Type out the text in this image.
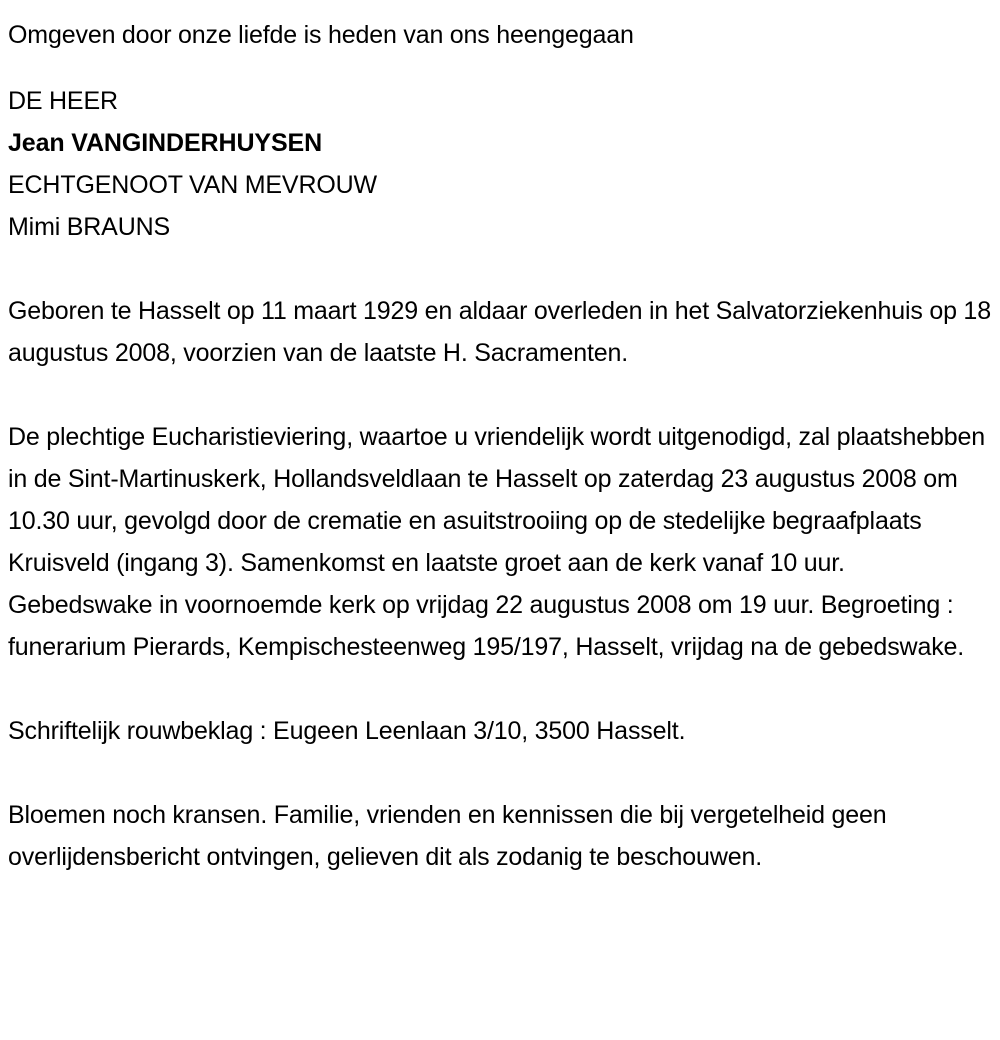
Omgeven door onze liefde is heden van ons heengegaan

DE HEER

Jean VANGINDERHUYSEN

ECHTGENOOT VAN MEVROUW

Mimi BRAUNS

Geboren te Hasselt op 11 maart 1929 en aldaar overleden in het Salvatorziekenhuis op 18 augustus 2008, voorzien van de laatste H. Sacramenten.

De plechtige Eucharistieviering, waartoe u vriendelijk wordt uitgenodigd, zal plaatshebben in de Sint-Martinuskerk, Hollandsveldlaan te Hasselt op zaterdag 23 augustus 2008 om 10.30 uur, gevolgd door de crematie en asuitstrooiing op de stedelijke begraafplaats Kruisveld (ingang 3). Samenkomst en laatste groet aan de kerk vanaf 10 uur. Gebedswake in voornoemde kerk op vrijdag 22 augustus 2008 om 19 uur. Begroeting : funerarium Pierards, Kempischesteenweg 195/197, Hasselt, vrijdag na de gebedswake.

Schriftelijk rouwbeklag : Eugeen Leenlaan 3/10, 3500 Hasselt.

Bloemen noch kransen. Familie, vrienden en kennissen die bij vergetelheid geen overlijdensbericht ontvingen, gelieven dit als zodanig te beschouwen.
